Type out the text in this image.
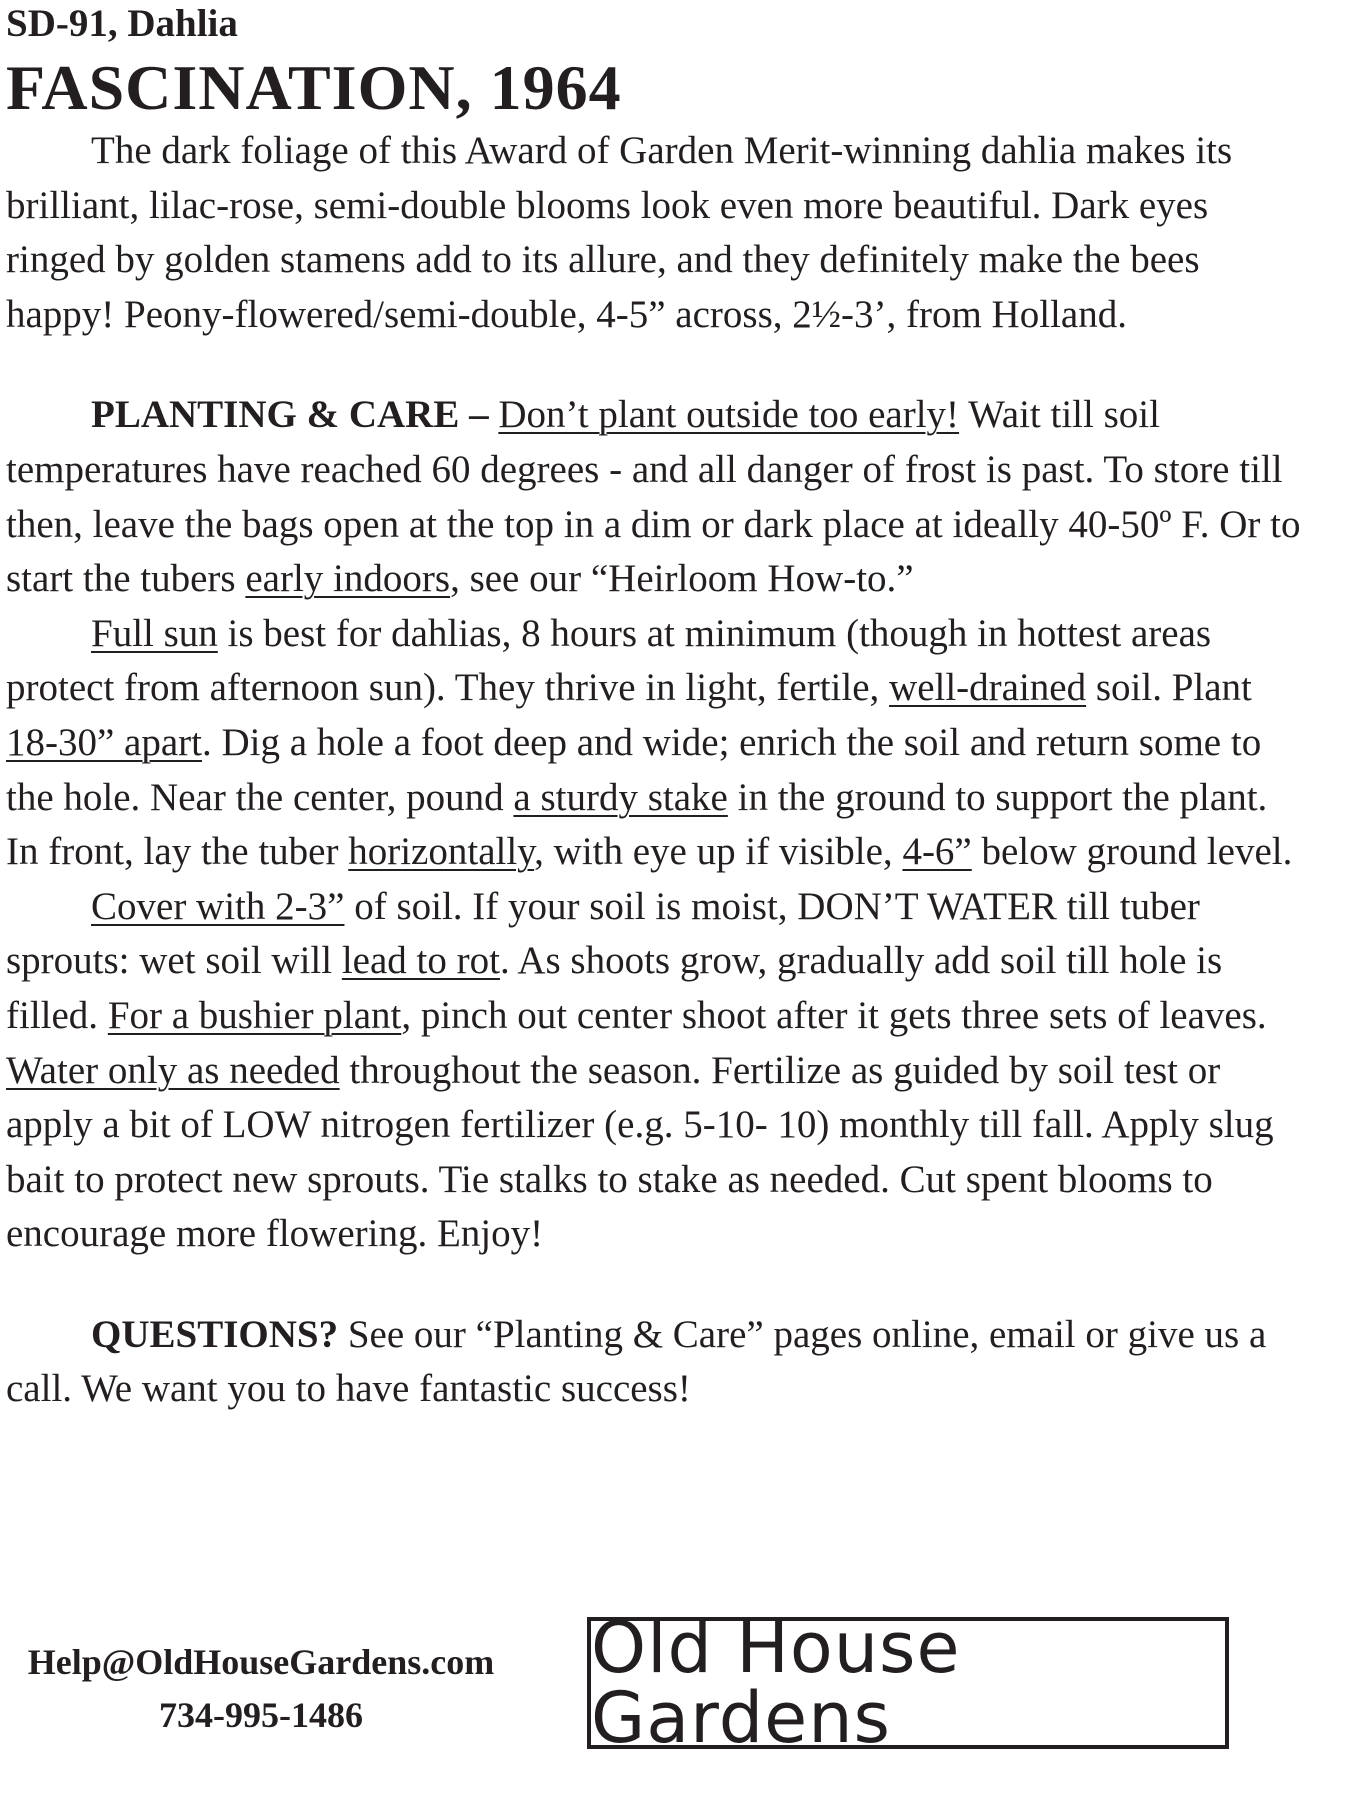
SD-91, Dahlia

FASCINATION, 1964

The dark foliage of this Award of Garden Merit-winning dahlia makes its brilliant, lilac-rose, semi-double blooms look even more beautiful. Dark eyes ringed by golden stamens add to its allure, and they definitely make the bees happy! Peony-flowered/semi-double, 4-5” across, 2½-3’, from Holland.

PLANTING & CARE – Don’t plant outside too early! Wait till soil temperatures have reached 60 degrees - and all danger of frost is past. To store till then, leave the bags open at the top in a dim or dark place at ideally 40-50º F. Or to start the tubers early indoors, see our “Heirloom How-to.”

Full sun is best for dahlias, 8 hours at minimum (though in hottest areas protect from afternoon sun). They thrive in light, fertile, well-drained soil. Plant 18-30” apart. Dig a hole a foot deep and wide; enrich the soil and return some to the hole. Near the center, pound a sturdy stake in the ground to support the plant. In front, lay the tuber horizontally, with eye up if visible, 4-6” below ground level.

Cover with 2-3” of soil. If your soil is moist, DON’T WATER till tuber sprouts: wet soil will lead to rot. As shoots grow, gradually add soil till hole is filled. For a bushier plant, pinch out center shoot after it gets three sets of leaves. Water only as needed throughout the season. Fertilize as guided by soil test or apply a bit of LOW nitrogen fertilizer (e.g. 5-10- 10) monthly till fall. Apply slug bait to protect new sprouts. Tie stalks to stake as needed. Cut spent blooms to encourage more flowering. Enjoy!

QUESTIONS? See our “Planting & Care” pages online, email or give us a call. We want you to have fantastic success!

Help@OldHouseGardens.com
734-995-1486
Old House Gardens
